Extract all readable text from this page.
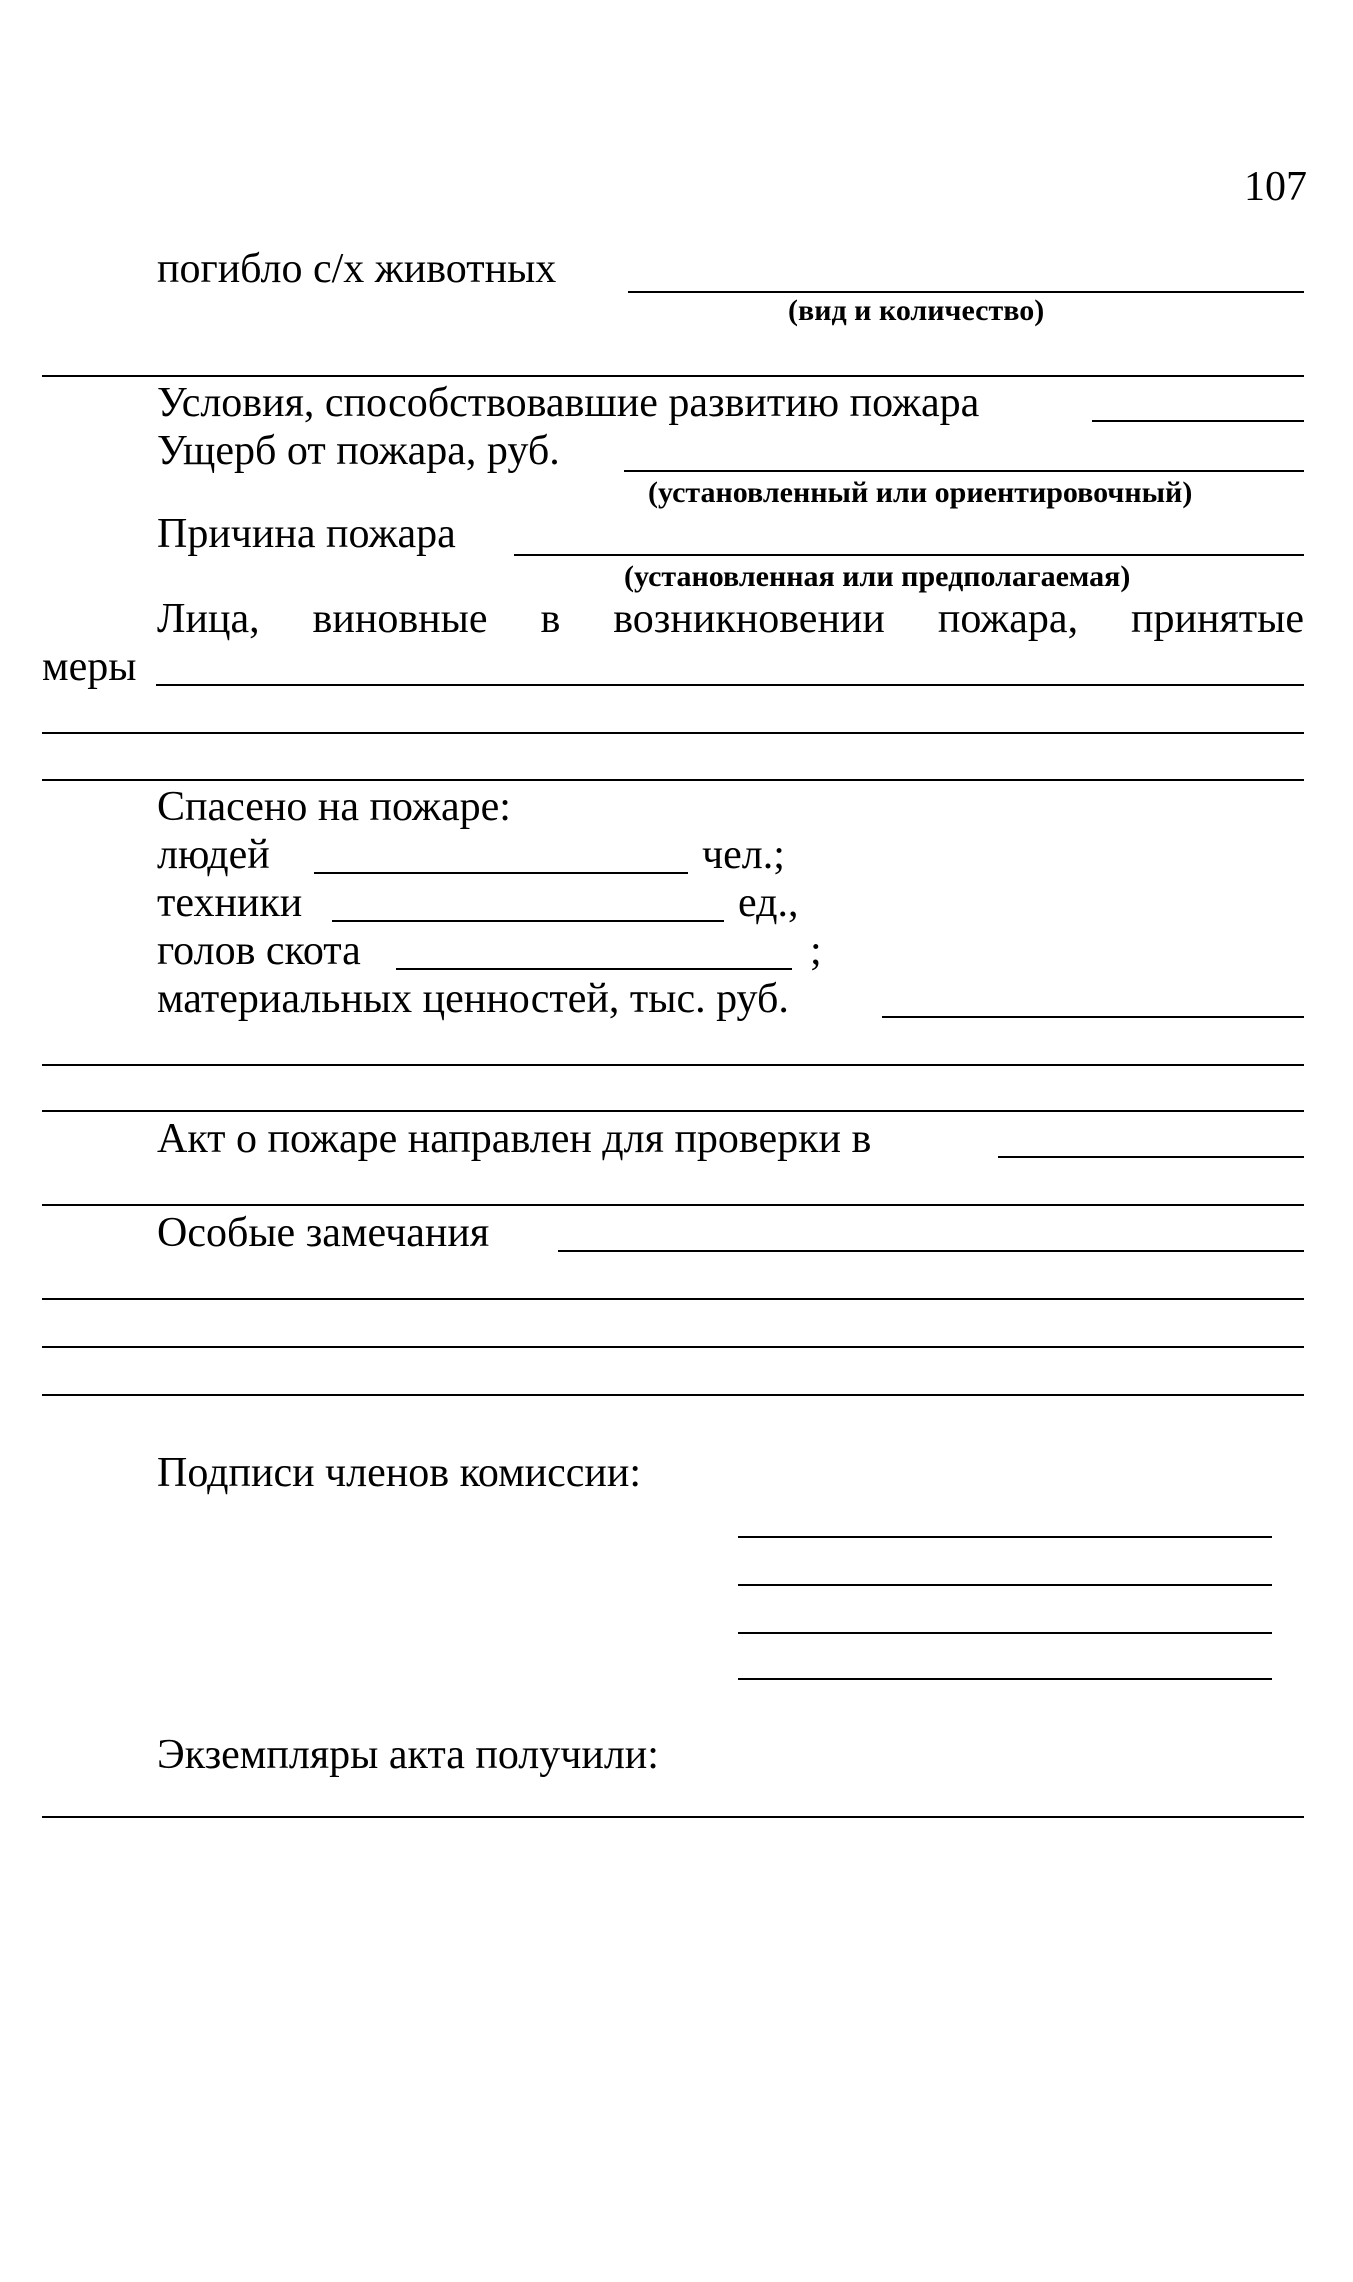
107
погибло с/х животных
(вид и количество)
Условия, способствовавшие развитию пожара
Ущерб от пожара, руб.
(установленный или ориентировочный)
Причина пожара
(установленная или предполагаемая)
Лица, виновные в возникновении пожара, принятые
меры
Спасено на пожаре:
людей	чел.;
техники	ед.,
голов скота	;
материальных ценностей, тыс. руб.
Акт о пожаре направлен для проверки в
Особые замечания
Подписи членов комиссии:
Экземпляры акта получили:
